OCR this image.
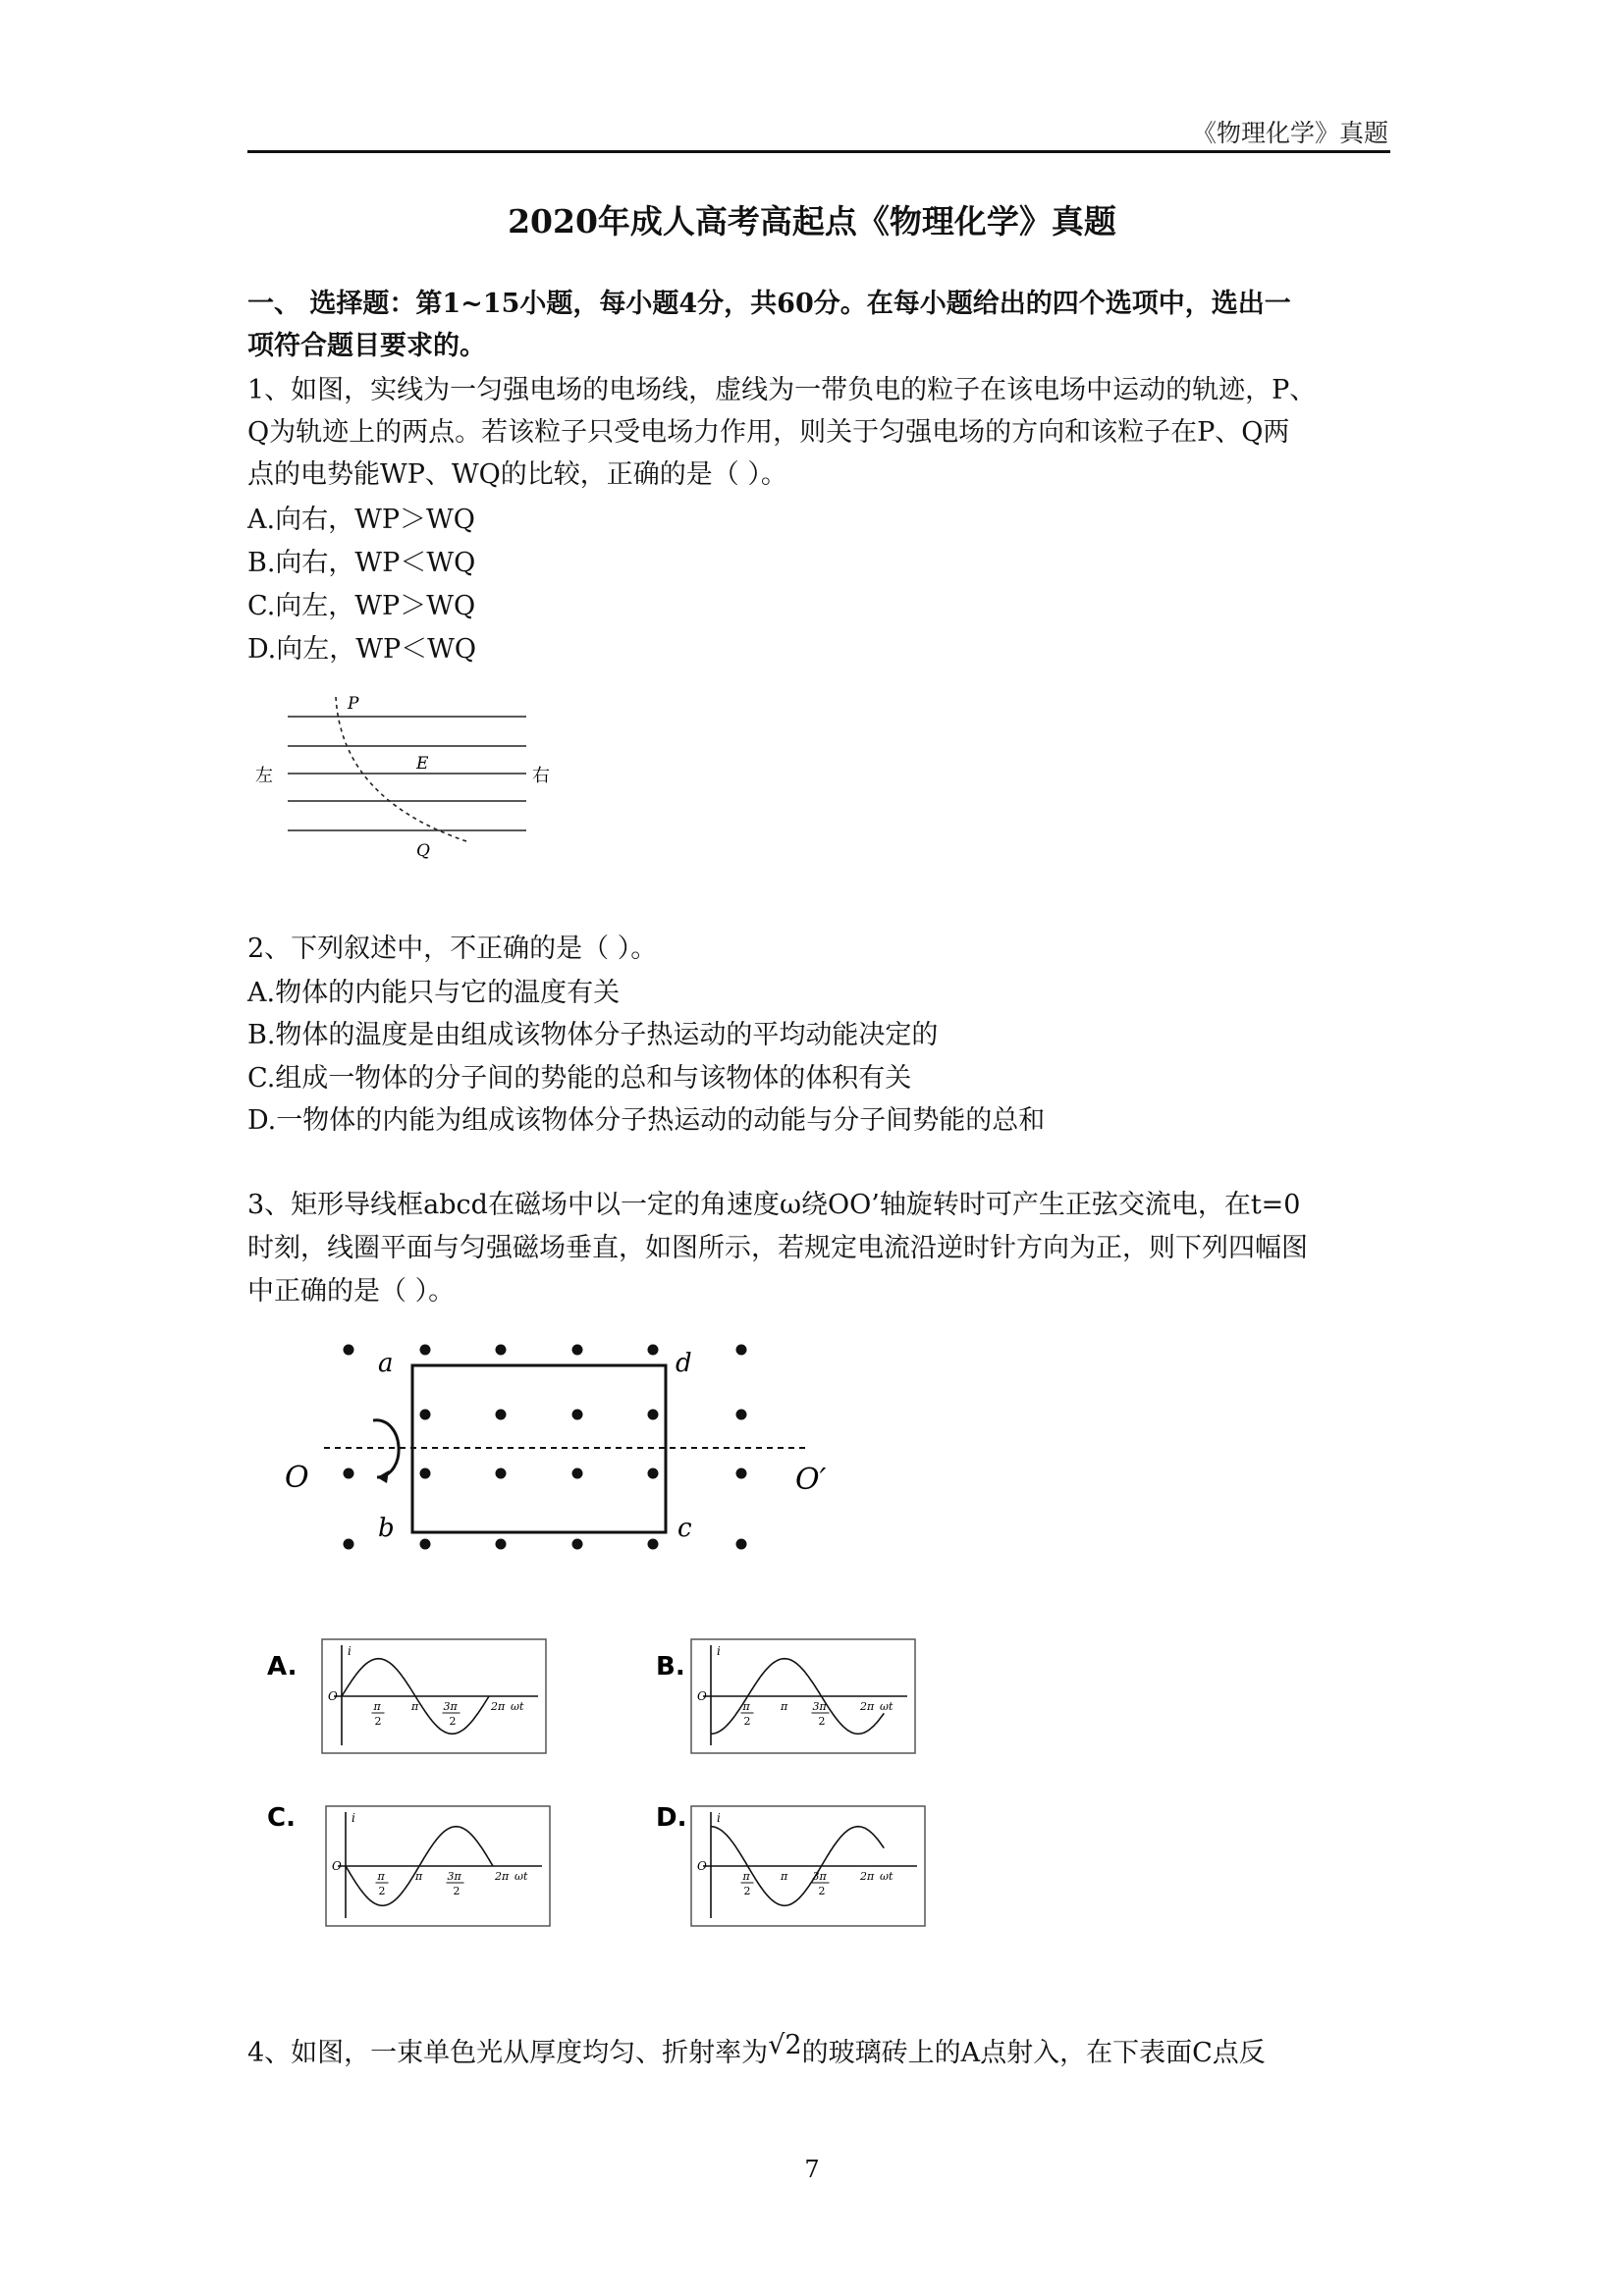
《物理化学》真题
2020年成人高考高起点《物理化学》真题
一、 选择题：第1~15小题，每小题4分，共60分。在每小题给出的四个选项中，选出一
项符合题目要求的。
1、如图，实线为一匀强电场的电场线，虚线为一带负电的粒子在该电场中运动的轨迹，P、
Q为轨迹上的两点。若该粒子只受电场力作用，则关于匀强电场的方向和该粒子在P、Q两
点的电势能WP、WQ的比较，正确的是（ ）。
A.向右，WP＞WQ
B.向右，WP＜WQ
C.向左，WP＞WQ
D.向左，WP＜WQ
P
E
左	右
Q
2、下列叙述中，不正确的是（ ）。
A.物体的内能只与它的温度有关
B.物体的温度是由组成该物体分子热运动的平均动能决定的
C.组成一物体的分子间的势能的总和与该物体的体积有关
D.一物体的内能为组成该物体分子热运动的动能与分子间势能的总和
3、矩形导线框abcd在磁场中以一定的角速度ω绕OO’轴旋转时可产生正弦交流电，在t=0
时刻，线圈平面与匀强磁场垂直，如图所示，若规定电流沿逆时针方向为正，则下列四幅图
中正确的是（ ）。
a	d
b	c
O	O′
A.
i
O
π
2
π 3π
2
2π ωt
B.
i
O
π
2
π 3π
2
2π ωt
C.	i
O
π
2
π 3π
2
2π ωt
D.	i
O
π
2
π 3π
2
2π ωt
4、如图，一束单色光从厚度均匀、折射率为√2的玻璃砖上的A点射入，在下表面C点反
7
